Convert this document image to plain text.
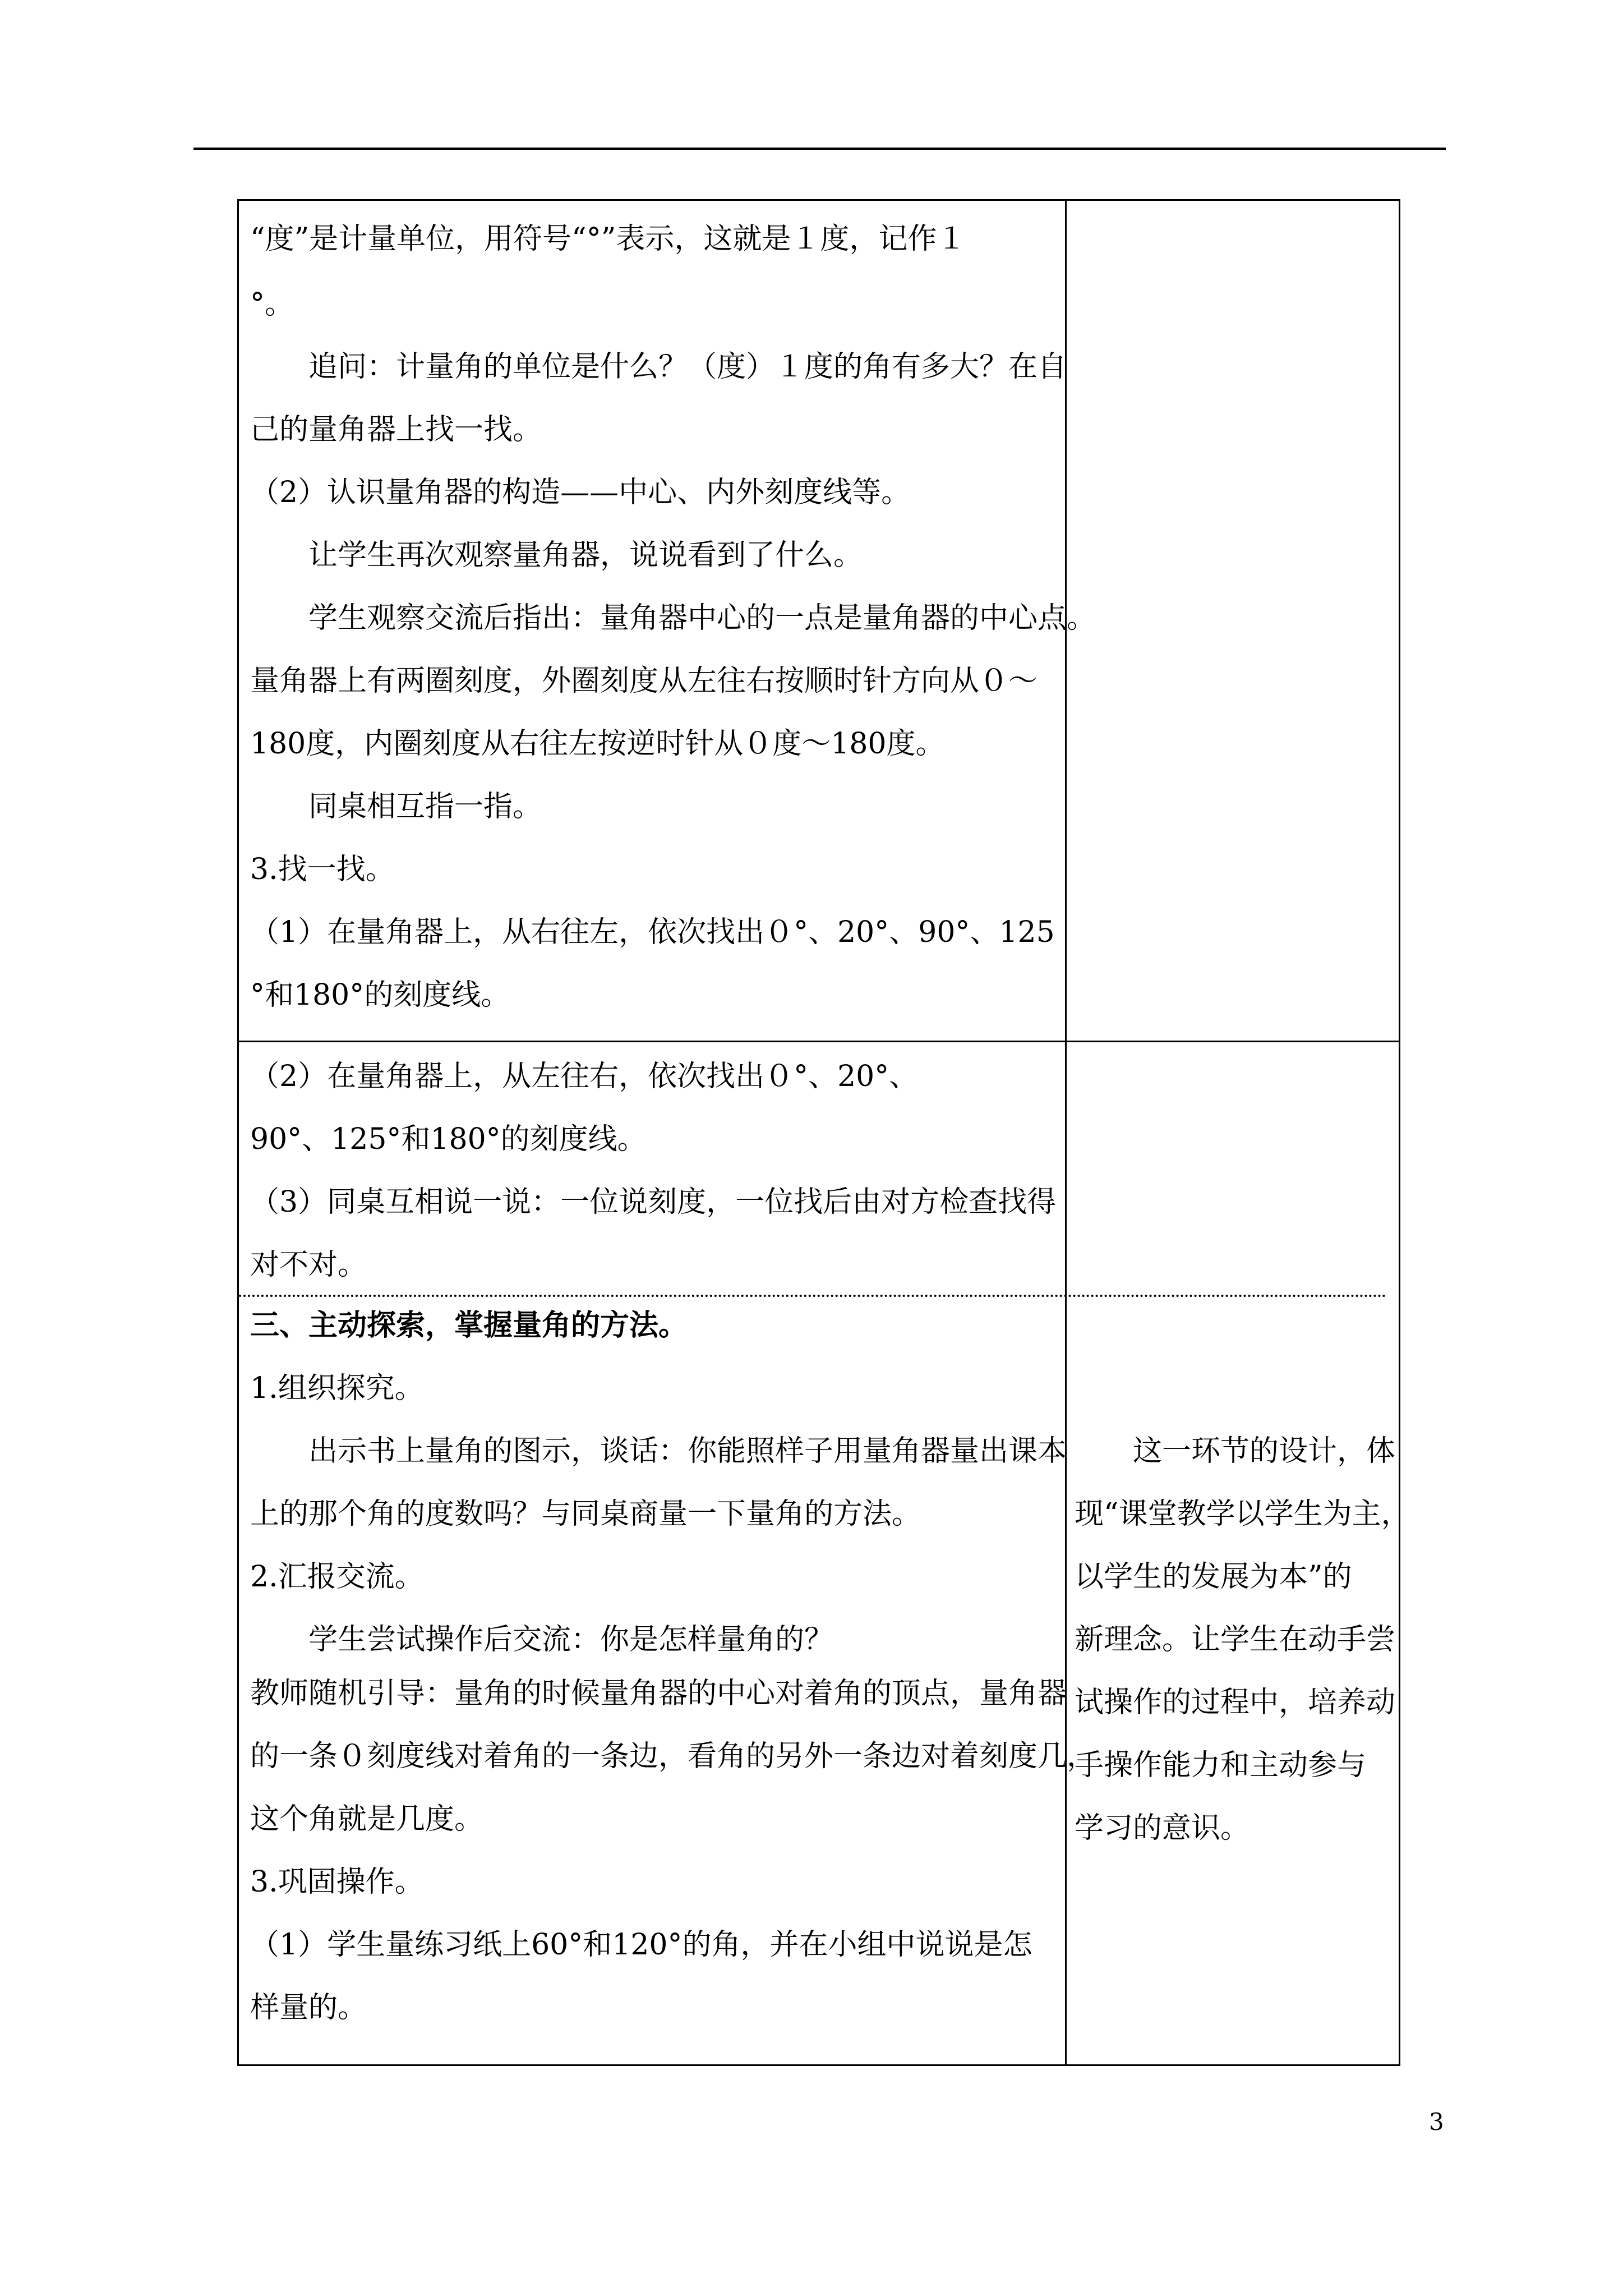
“度”是计量单位，用符号“°”表示，这就是１度，记作１
°。
追问：计量角的单位是什么？（度）１度的角有多大？在自
己的量角器上找一找。
（2）认识量角器的构造——中心、内外刻度线等。
让学生再次观察量角器，说说看到了什么。
学生观察交流后指出：量角器中心的一点是量角器的中心点。
量角器上有两圈刻度，外圈刻度从左往右按顺时针方向从０～
180度，内圈刻度从右往左按逆时针从０度～180度。
同桌相互指一指。
3.找一找。
（1）在量角器上，从右往左，依次找出０°、20°、90°、125
°和180°的刻度线。
（2）在量角器上，从左往右，依次找出０°、20°、
90°、125°和180°的刻度线。
（3）同桌互相说一说：一位说刻度，一位找后由对方检查找得
对不对。
三、主动探索，掌握量角的方法。
1.组织探究。
出示书上量角的图示，谈话：你能照样子用量角器量出课本
上的那个角的度数吗？与同桌商量一下量角的方法。
2.汇报交流。
学生尝试操作后交流：你是怎样量角的？
教师随机引导：量角的时候量角器的中心对着角的顶点，量角器
的一条０刻度线对着角的一条边，看角的另外一条边对着刻度几，
这个角就是几度。
3.巩固操作。
（1）学生量练习纸上60°和120°的角，并在小组中说说是怎
样量的。
这一环节的设计，体
现“课堂教学以学生为主，
以学生的发展为本”的
新理念。让学生在动手尝
试操作的过程中，培养动
手操作能力和主动参与
学习的意识。
3
